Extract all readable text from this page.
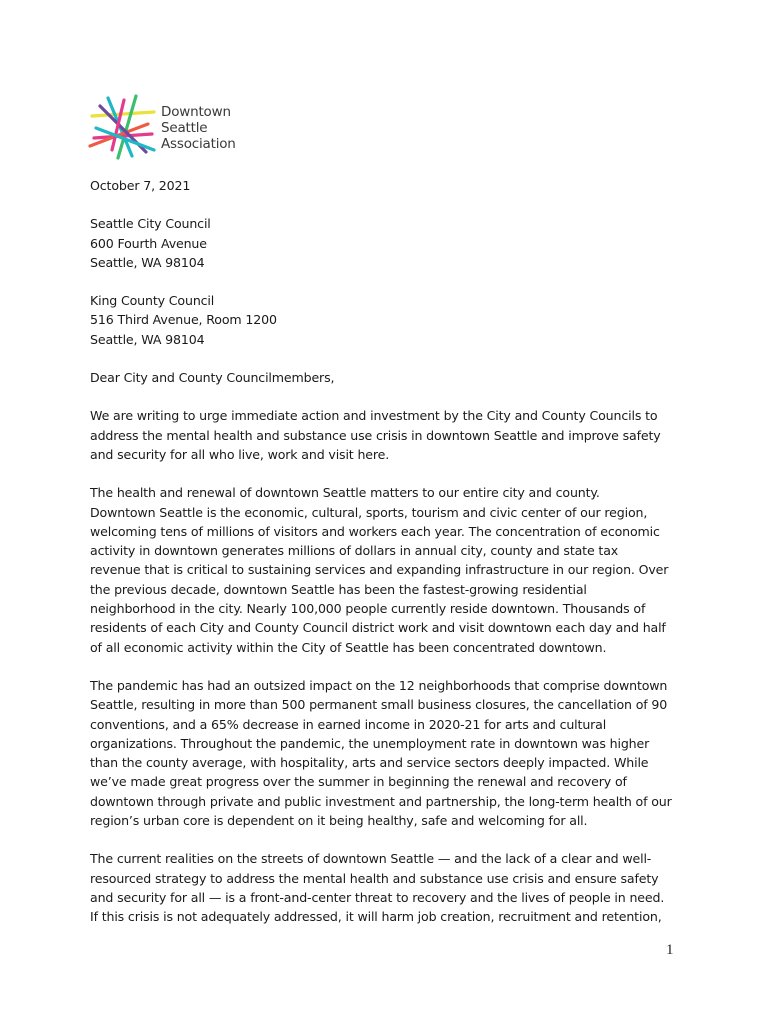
Downtown
Seattle
Association
October 7, 2021
Seattle City Council
600 Fourth Avenue
Seattle, WA 98104
King County Council
516 Third Avenue, Room 1200
Seattle, WA 98104
Dear City and County Councilmembers,
We are writing to urge immediate action and investment by the City and County Councils to
address the mental health and substance use crisis in downtown Seattle and improve safety
and security for all who live, work and visit here.
The health and renewal of downtown Seattle matters to our entire city and county.
Downtown Seattle is the economic, cultural, sports, tourism and civic center of our region,
welcoming tens of millions of visitors and workers each year. The concentration of economic
activity in downtown generates millions of dollars in annual city, county and state tax
revenue that is critical to sustaining services and expanding infrastructure in our region. Over
the previous decade, downtown Seattle has been the fastest-growing residential
neighborhood in the city. Nearly 100,000 people currently reside downtown. Thousands of
residents of each City and County Council district work and visit downtown each day and half
of all economic activity within the City of Seattle has been concentrated downtown.
The pandemic has had an outsized impact on the 12 neighborhoods that comprise downtown
Seattle, resulting in more than 500 permanent small business closures, the cancellation of 90
conventions, and a 65% decrease in earned income in 2020-21 for arts and cultural
organizations. Throughout the pandemic, the unemployment rate in downtown was higher
than the county average, with hospitality, arts and service sectors deeply impacted. While
we’ve made great progress over the summer in beginning the renewal and recovery of
downtown through private and public investment and partnership, the long-term health of our
region’s urban core is dependent on it being healthy, safe and welcoming for all.
The current realities on the streets of downtown Seattle — and the lack of a clear and well-
resourced strategy to address the mental health and substance use crisis and ensure safety
and security for all — is a front-and-center threat to recovery and the lives of people in need.
If this crisis is not adequately addressed, it will harm job creation, recruitment and retention,
1
